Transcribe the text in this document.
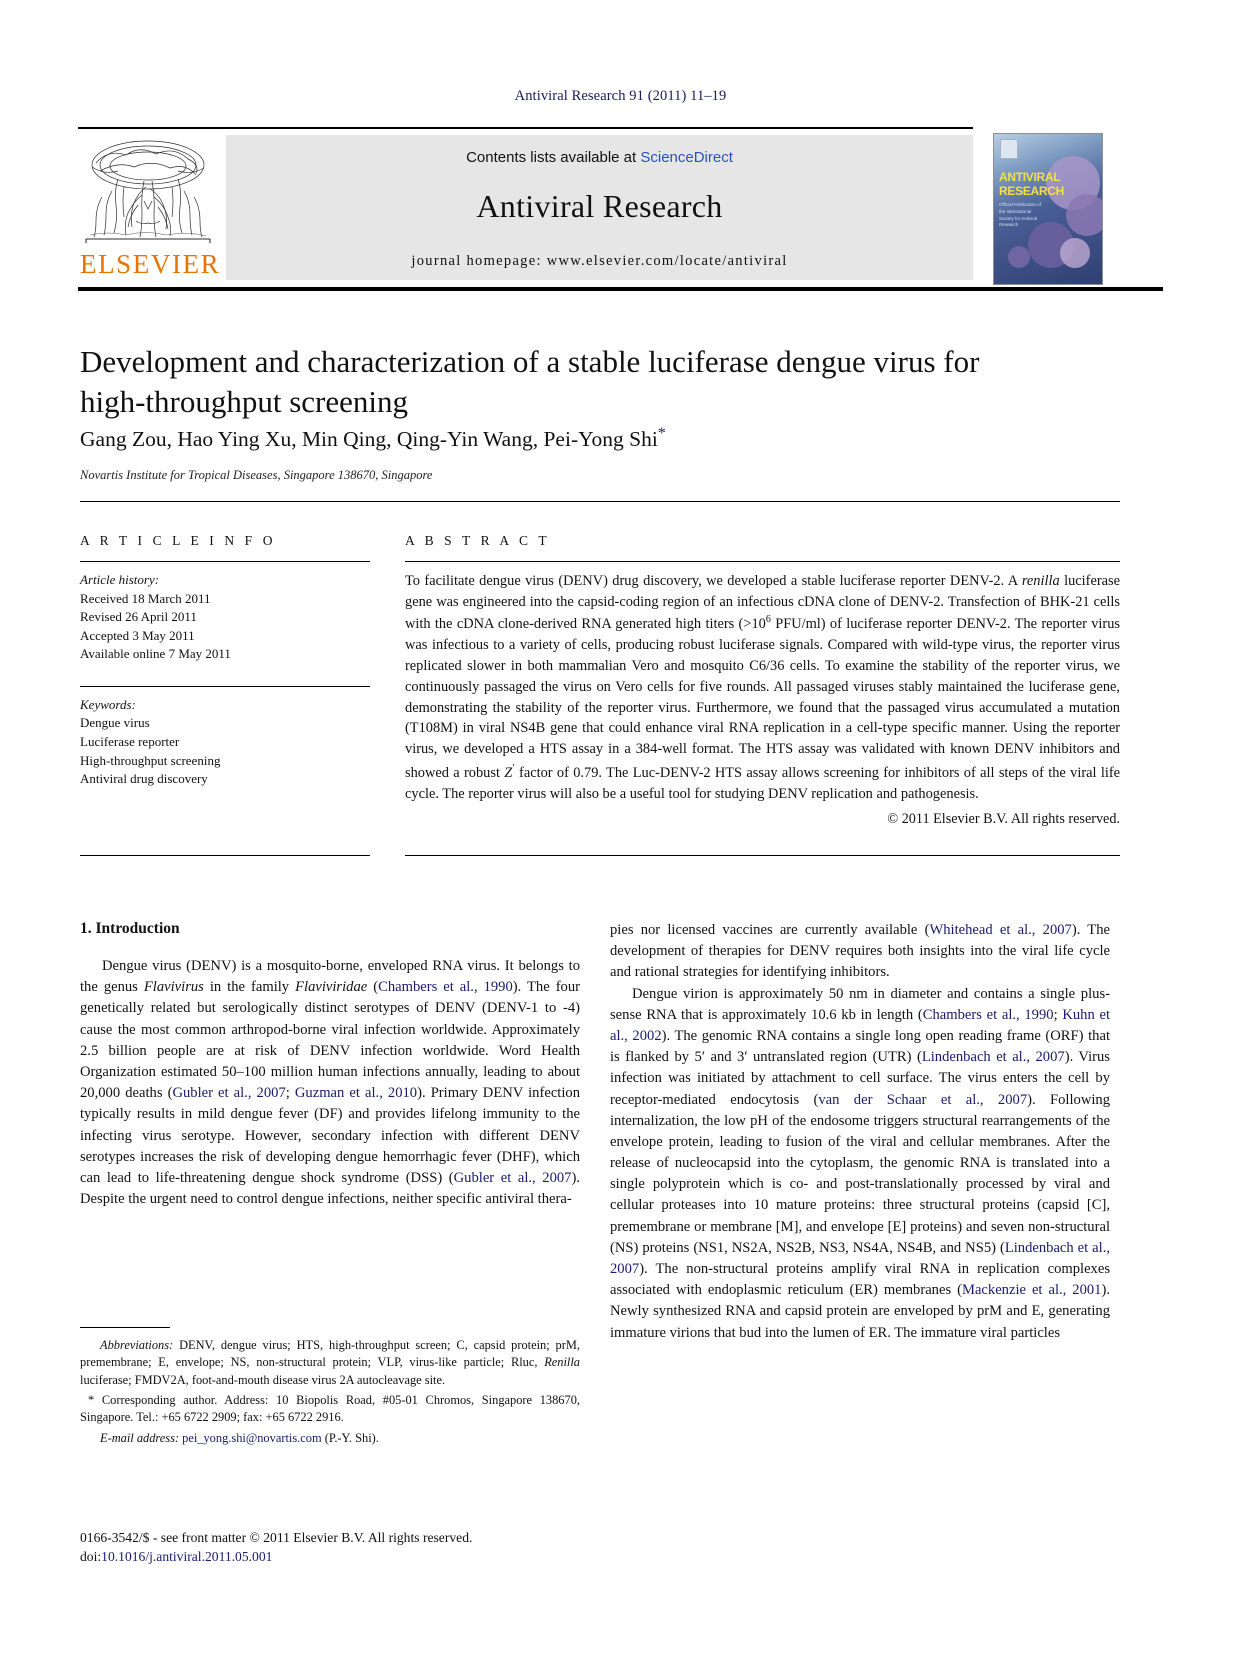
Antiviral Research 91 (2011) 11–19
ELSEVIER
Contents lists available at ScienceDirect
Antiviral Research
journal homepage: www.elsevier.com/locate/antiviral
ANTIVIRAL
RESEARCH
Official Publication of the International Society for Antiviral Research
Development and characterization of a stable luciferase dengue virus for high-throughput screening
Gang Zou, Hao Ying Xu, Min Qing, Qing-Yin Wang, Pei-Yong Shi*
Novartis Institute for Tropical Diseases, Singapore 138670, Singapore
A R T I C L E I N F O
Article history:
Received 18 March 2011
Revised 26 April 2011
Accepted 3 May 2011
Available online 7 May 2011
Keywords:
Dengue virus
Luciferase reporter
High-throughput screening
Antiviral drug discovery
A B S T R A C T
To facilitate dengue virus (DENV) drug discovery, we developed a stable luciferase reporter DENV-2. A renilla luciferase gene was engineered into the capsid-coding region of an infectious cDNA clone of DENV-2. Transfection of BHK-21 cells with the cDNA clone-derived RNA generated high titers ($>10^6$ PFU/ml) of luciferase reporter DENV-2. The reporter virus was infectious to a variety of cells, producing robust luciferase signals. Compared with wild-type virus, the reporter virus replicated slower in both mammalian Vero and mosquito C6/36 cells. To examine the stability of the reporter virus, we continuously passaged the virus on Vero cells for five rounds. All passaged viruses stably maintained the luciferase gene, demonstrating the stability of the reporter virus. Furthermore, we found that the passaged virus accumulated a mutation (T108M) in viral NS4B gene that could enhance viral RNA replication in a cell-type specific manner. Using the reporter virus, we developed a HTS assay in a 384-well format. The HTS assay was validated with known DENV inhibitors and showed a robust Z′ factor of 0.79. The Luc-DENV-2 HTS assay allows screening for inhibitors of all steps of the viral life cycle. The reporter virus will also be a useful tool for studying DENV replication and pathogenesis.
© 2011 Elsevier B.V. All rights reserved.
1. Introduction

Dengue virus (DENV) is a mosquito-borne, enveloped RNA virus. It belongs to the genus Flavivirus in the family Flaviviridae (Chambers et al., 1990). The four genetically related but serologically distinct serotypes of DENV (DENV-1 to -4) cause the most common arthropod-borne viral infection worldwide. Approximately 2.5 billion people are at risk of DENV infection worldwide. Word Health Organization estimated 50–100 million human infections annually, leading to about 20,000 deaths (Gubler et al., 2007; Guzman et al., 2010). Primary DENV infection typically results in mild dengue fever (DF) and provides lifelong immunity to the infecting virus serotype. However, secondary infection with different DENV serotypes increases the risk of developing dengue hemorrhagic fever (DHF), which can lead to life-threatening dengue shock syndrome (DSS) (Gubler et al., 2007). Despite the urgent need to control dengue infections, neither specific antiviral thera-

pies nor licensed vaccines are currently available (Whitehead et al., 2007). The development of therapies for DENV requires both insights into the viral life cycle and rational strategies for identifying inhibitors.

Dengue virion is approximately 50 nm in diameter and contains a single plus-sense RNA that is approximately 10.6 kb in length (Chambers et al., 1990; Kuhn et al., 2002). The genomic RNA contains a single long open reading frame (ORF) that is flanked by 5′ and 3′ untranslated region (UTR) (Lindenbach et al., 2007). Virus infection was initiated by attachment to cell surface. The virus enters the cell by receptor-mediated endocytosis (van der Schaar et al., 2007). Following internalization, the low pH of the endosome triggers structural rearrangements of the envelope protein, leading to fusion of the viral and cellular membranes. After the release of nucleocapsid into the cytoplasm, the genomic RNA is translated into a single polyprotein which is co- and post-translationally processed by viral and cellular proteases into 10 mature proteins: three structural proteins (capsid [C], premembrane or membrane [M], and envelope [E] proteins) and seven non-structural (NS) proteins (NS1, NS2A, NS2B, NS3, NS4A, NS4B, and NS5) (Lindenbach et al., 2007). The non-structural proteins amplify viral RNA in replication complexes associated with endoplasmic reticulum (ER) membranes (Mackenzie et al., 2001). Newly synthesized RNA and capsid protein are enveloped by prM and E, generating immature virions that bud into the lumen of ER. The immature viral particles

Abbreviations: DENV, dengue virus; HTS, high-throughput screen; C, capsid protein; prM, premembrane; E, envelope; NS, non-structural protein; VLP, virus-like particle; Rluc, Renilla luciferase; FMDV2A, foot-and-mouth disease virus 2A autocleavage site.

* Corresponding author. Address: 10 Biopolis Road, #05-01 Chromos, Singapore 138670, Singapore. Tel.: +65 6722 2909; fax: +65 6722 2916.

E-mail address: pei_yong.shi@novartis.com (P.-Y. Shi).

0166-3542/$ - see front matter © 2011 Elsevier B.V. All rights reserved.
doi:10.1016/j.antiviral.2011.05.001
